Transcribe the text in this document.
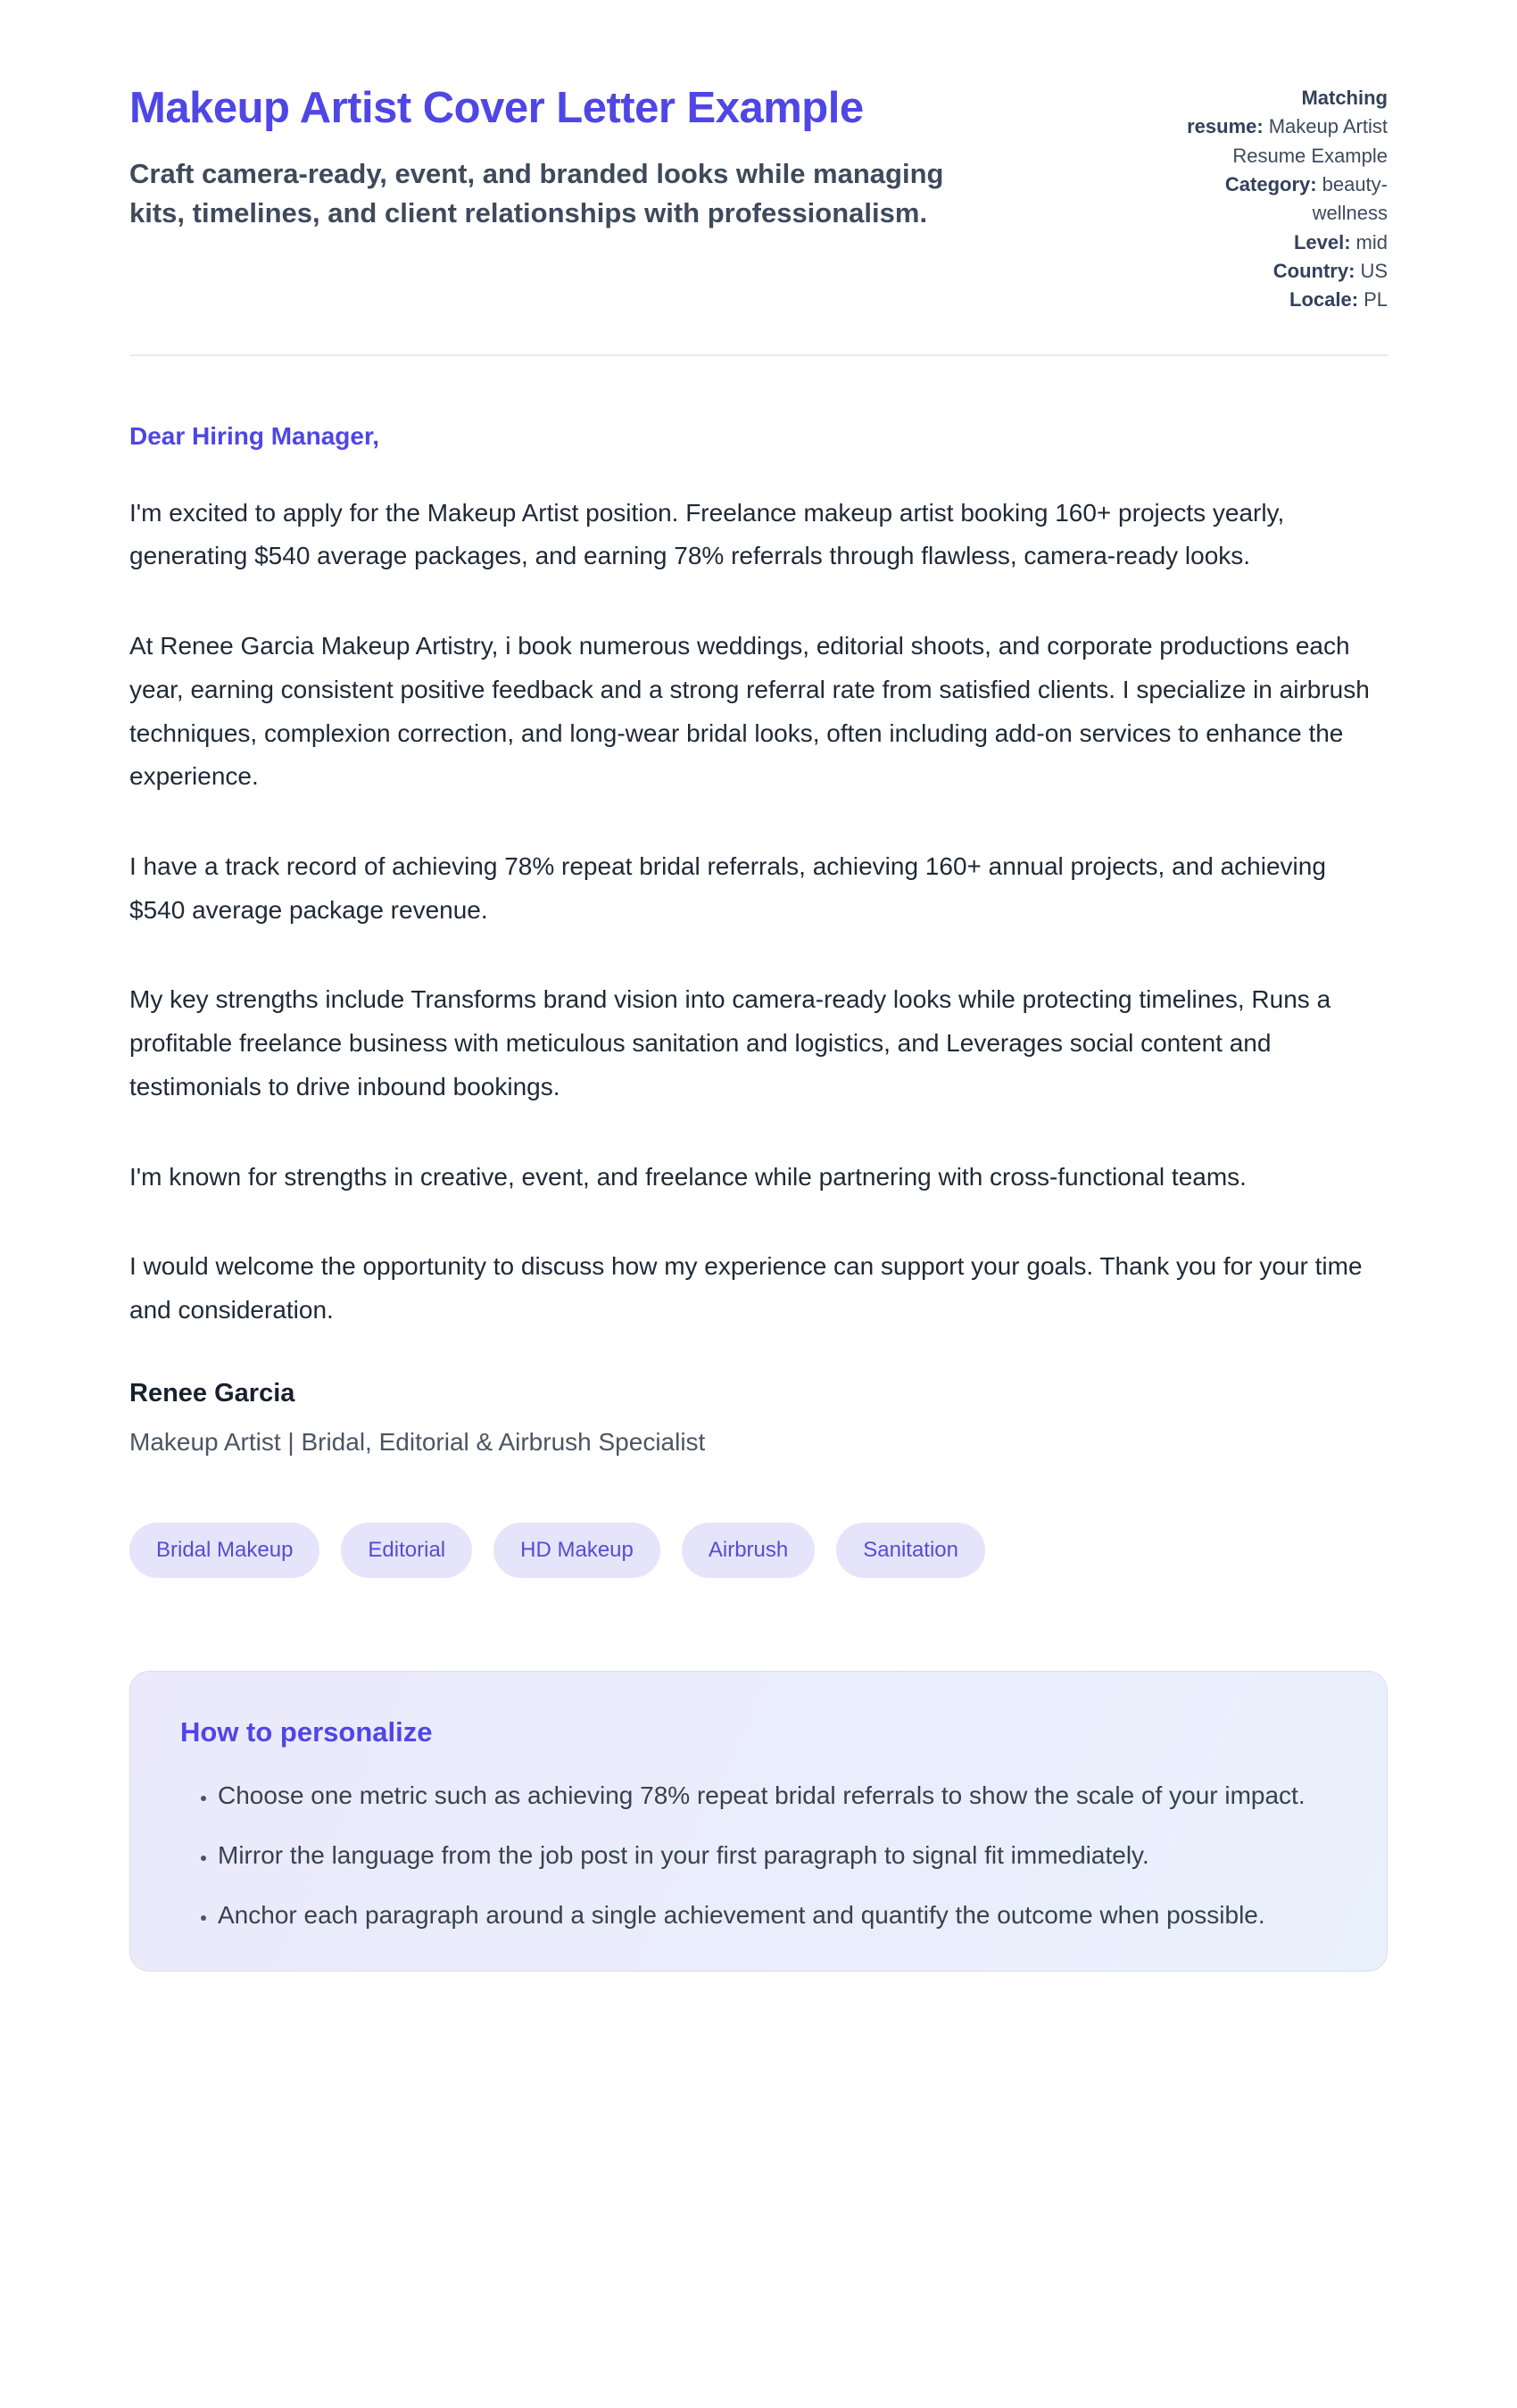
Makeup Artist Cover Letter Example

Craft camera-ready, event, and branded looks while managing kits, timelines, and client relationships with professionalism.

Matching resume: Makeup Artist Resume Example
Category: beauty-wellness
Level: mid
Country: US
Locale: PL

Dear Hiring Manager,

I'm excited to apply for the Makeup Artist position. Freelance makeup artist booking 160+ projects yearly, generating $540 average packages, and earning 78% referrals through flawless, camera-ready looks.

At Renee Garcia Makeup Artistry, i book numerous weddings, editorial shoots, and corporate productions each year, earning consistent positive feedback and a strong referral rate from satisfied clients. I specialize in airbrush techniques, complexion correction, and long-wear bridal looks, often including add-on services to enhance the experience.

I have a track record of achieving 78% repeat bridal referrals, achieving 160+ annual projects, and achieving $540 average package revenue.

My key strengths include Transforms brand vision into camera-ready looks while protecting timelines, Runs a profitable freelance business with meticulous sanitation and logistics, and Leverages social content and testimonials to drive inbound bookings.

I'm known for strengths in creative, event, and freelance while partnering with cross-functional teams.

I would welcome the opportunity to discuss how my experience can support your goals. Thank you for your time and consideration.

Renee Garcia

Makeup Artist | Bridal, Editorial & Airbrush Specialist

Bridal Makeup	Editorial	HD Makeup	Airbrush	Sanitation
How to personalize
• Choose one metric such as achieving 78% repeat bridal referrals to show the scale of your impact.
• Mirror the language from the job post in your first paragraph to signal fit immediately.
• Anchor each paragraph around a single achievement and quantify the outcome when possible.
